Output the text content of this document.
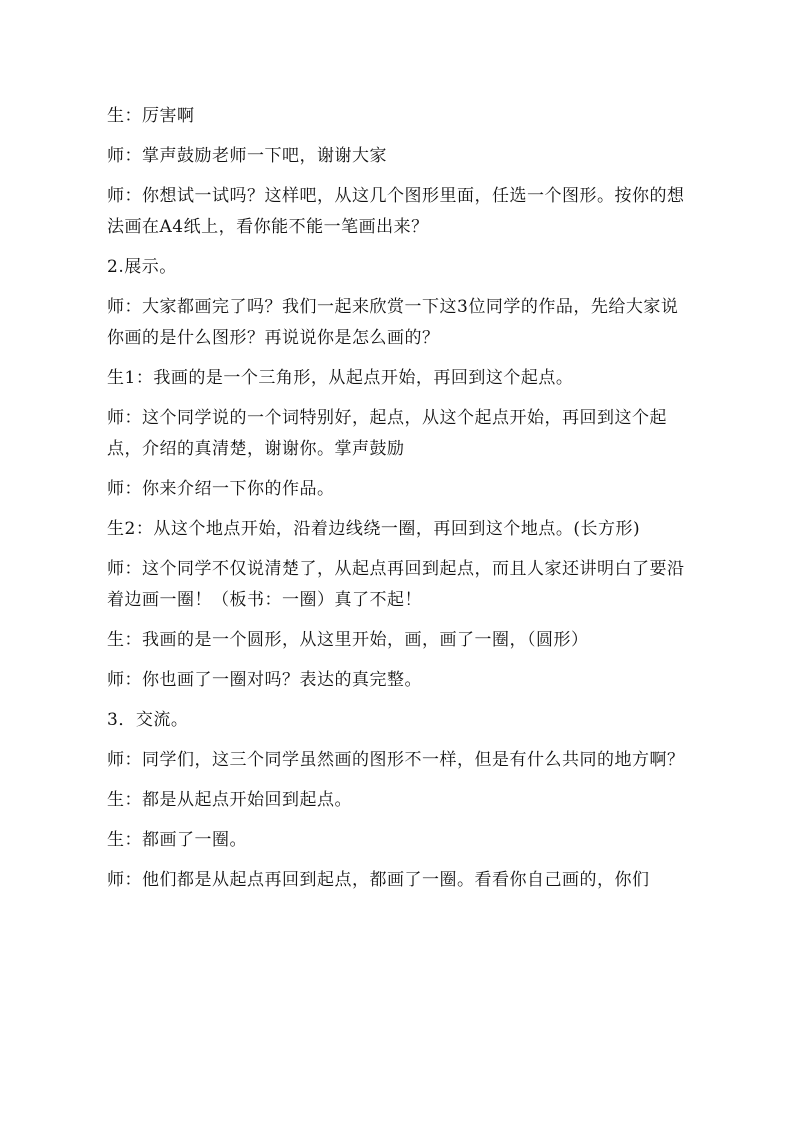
生：厉害啊

师：掌声鼓励老师一下吧，谢谢大家

师：你想试一试吗？这样吧，从这几个图形里面，任选一个图形。按你的想法画在A4纸上，看你能不能一笔画出来？

2.展示。

师：大家都画完了吗？我们一起来欣赏一下这3位同学的作品，先给大家说你画的是什么图形？再说说你是怎么画的？

生1：我画的是一个三角形，从起点开始，再回到这个起点。

师：这个同学说的一个词特别好，起点，从这个起点开始，再回到这个起点，介绍的真清楚，谢谢你。掌声鼓励

师：你来介绍一下你的作品。

生2：从这个地点开始，沿着边线绕一圈，再回到这个地点。(长方形)

师：这个同学不仅说清楚了，从起点再回到起点，而且人家还讲明白了要沿着边画一圈！（板书：一圈）真了不起！

生：我画的是一个圆形，从这里开始，画，画了一圈，（圆形）

师：你也画了一圈对吗？表达的真完整。

3．交流。

师：同学们，这三个同学虽然画的图形不一样，但是有什么共同的地方啊？

生：都是从起点开始回到起点。

生：都画了一圈。

师：他们都是从起点再回到起点，都画了一圈。看看你自己画的，你们
